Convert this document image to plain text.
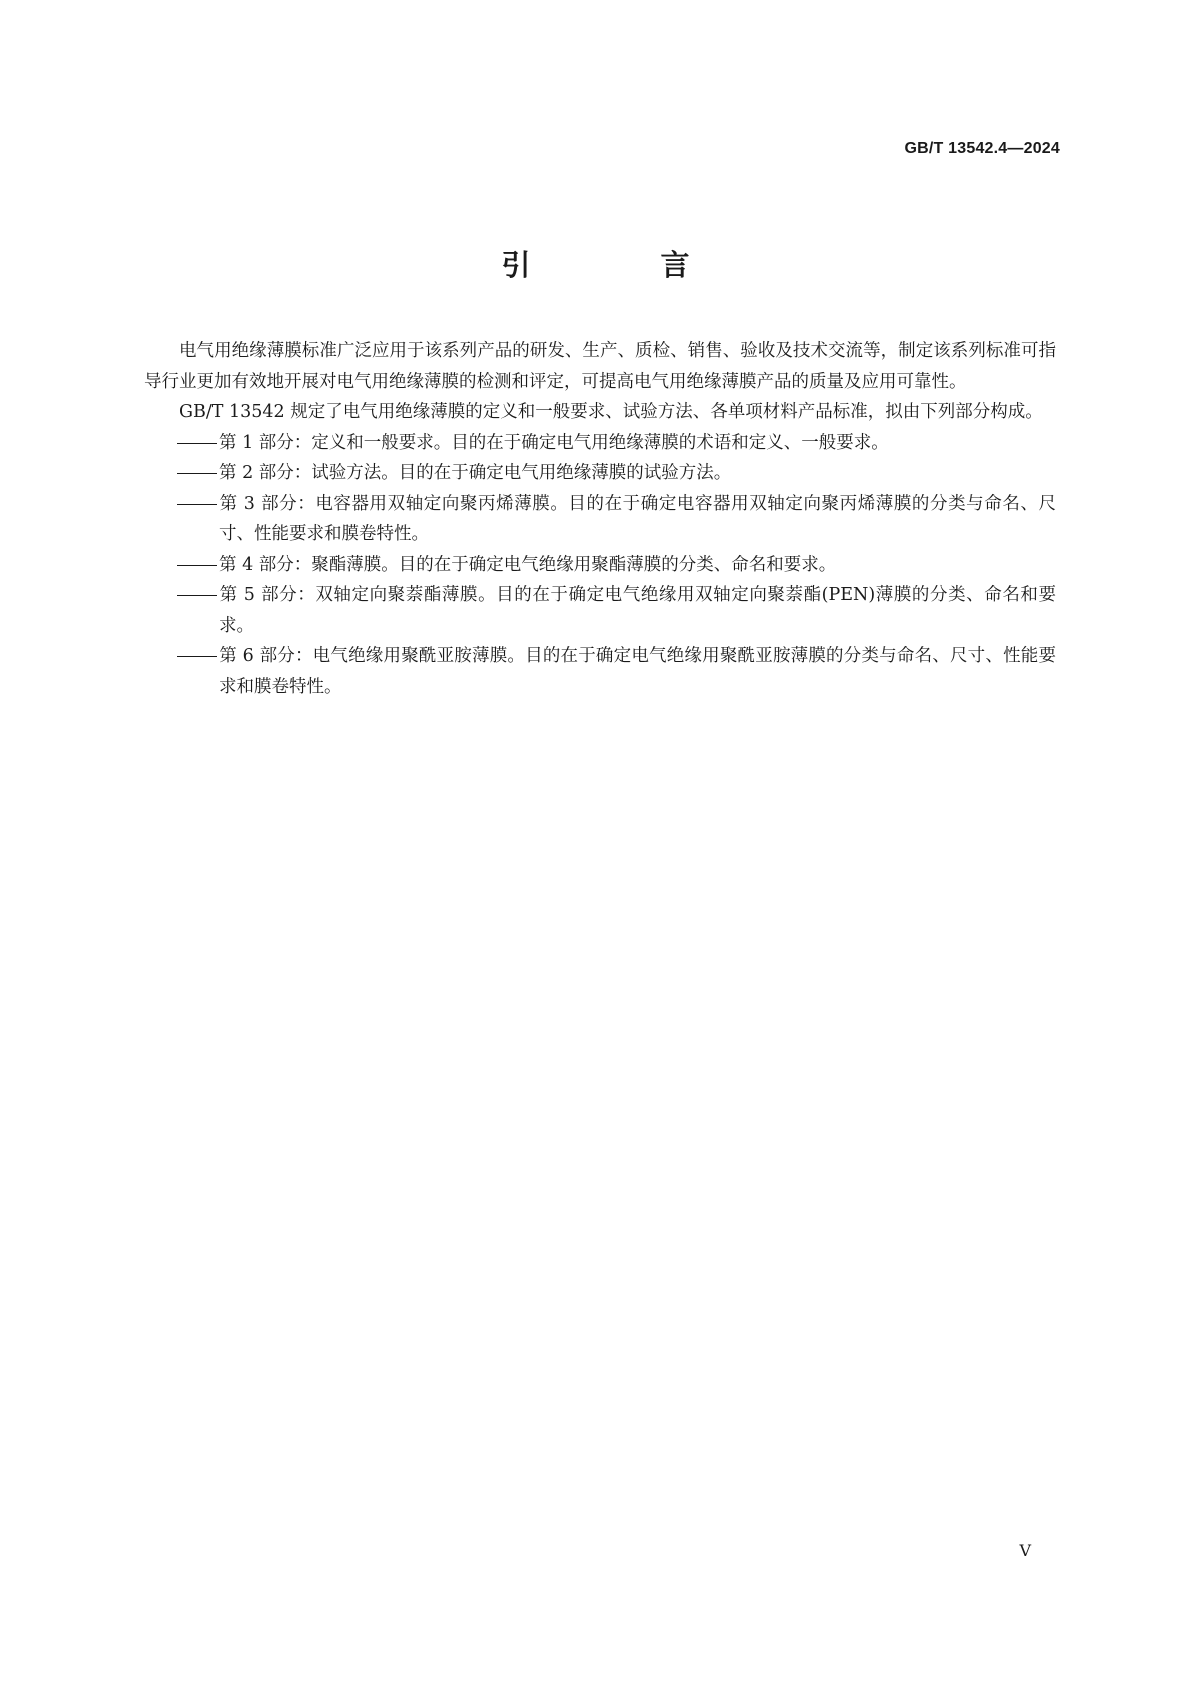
GB/T 13542.4—2024
引 言

电气用绝缘薄膜标准广泛应用于该系列产品的研发、生产、质检、销售、验收及技术交流等，制定该系列标准可指导行业更加有效地开展对电气用绝缘薄膜的检测和评定，可提高电气用绝缘薄膜产品的质量及应用可靠性。

GB/T 13542 规定了电气用绝缘薄膜的定义和一般要求、试验方法、各单项材料产品标准，拟由下列部分构成。

第 1 部分：定义和一般要求。目的在于确定电气用绝缘薄膜的术语和定义、一般要求。
第 2 部分：试验方法。目的在于确定电气用绝缘薄膜的试验方法。
第 3 部分：电容器用双轴定向聚丙烯薄膜。目的在于确定电容器用双轴定向聚丙烯薄膜的分类与命名、尺寸、性能要求和膜卷特性。
第 4 部分：聚酯薄膜。目的在于确定电气绝缘用聚酯薄膜的分类、命名和要求。
第 5 部分：双轴定向聚萘酯薄膜。目的在于确定电气绝缘用双轴定向聚萘酯(PEN)薄膜的分类、命名和要求。
第 6 部分：电气绝缘用聚酰亚胺薄膜。目的在于确定电气绝缘用聚酰亚胺薄膜的分类与命名、尺寸、性能要求和膜卷特性。
V
